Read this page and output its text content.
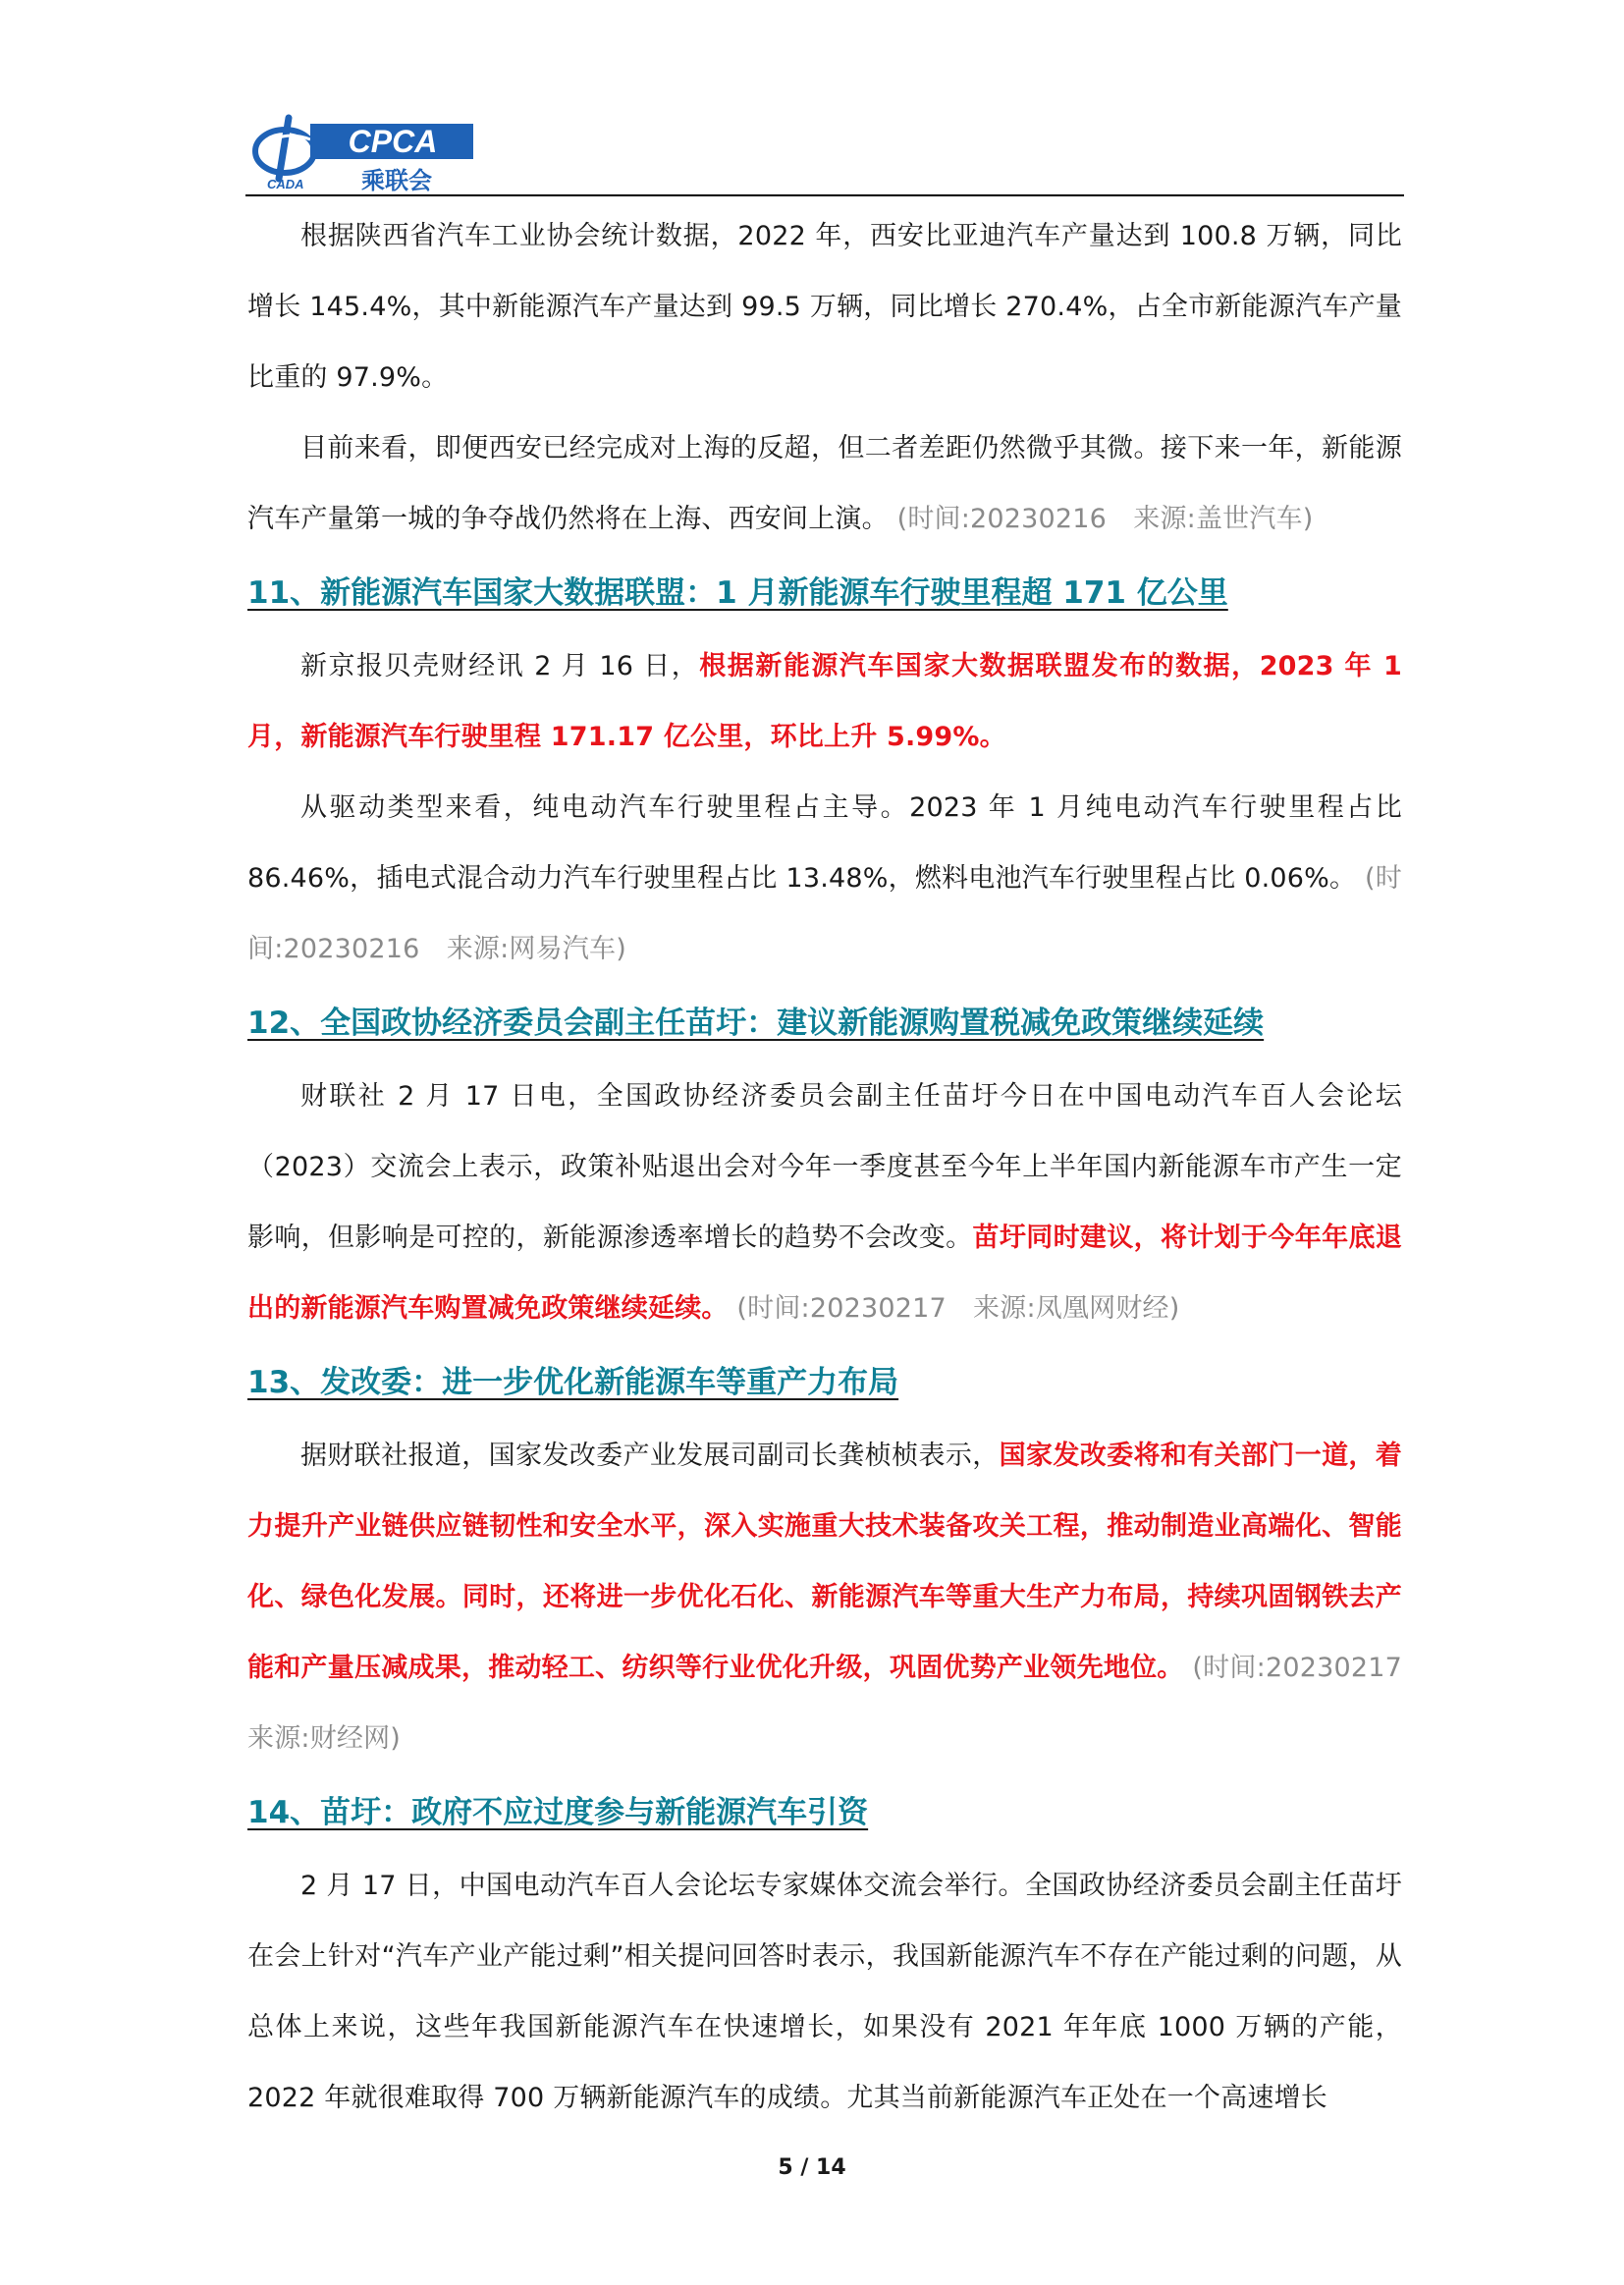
CPCA
CADA 乘联会

根据陕西省汽车工业协会统计数据，2022 年，西安比亚迪汽车产量达到 100.8 万辆，同比增长 145.4%，其中新能源汽车产量达到 99.5 万辆，同比增长 270.4%，占全市新能源汽车产量比重的 97.9%。

目前来看，即便西安已经完成对上海的反超，但二者差距仍然微乎其微。接下来一年，新能源汽车产量第一城的争夺战仍然将在上海、西安间上演。 (时间:20230216　来源:盖世汽车)

11、新能源汽车国家大数据联盟：1 月新能源车行驶里程超 171 亿公里

新京报贝壳财经讯 2 月 16 日，根据新能源汽车国家大数据联盟发布的数据，2023 年 1 月，新能源汽车行驶里程 171.17 亿公里，环比上升 5.99%。

从驱动类型来看，纯电动汽车行驶里程占主导。2023 年 1 月纯电动汽车行驶里程占比 86.46%，插电式混合动力汽车行驶里程占比 13.48%，燃料电池汽车行驶里程占比 0.06%。 (时间:20230216　来源:网易汽车)

12、全国政协经济委员会副主任苗圩：建议新能源购置税减免政策继续延续

财联社 2 月 17 日电，全国政协经济委员会副主任苗圩今日在中国电动汽车百人会论坛（2023）交流会上表示，政策补贴退出会对今年一季度甚至今年上半年国内新能源车市产生一定影响，但影响是可控的，新能源渗透率增长的趋势不会改变。苗圩同时建议，将计划于今年年底退出的新能源汽车购置减免政策继续延续。 (时间:20230217　来源:凤凰网财经)

13、发改委：进一步优化新能源车等重产力布局

据财联社报道，国家发改委产业发展司副司长龚桢桢表示，国家发改委将和有关部门一道，着力提升产业链供应链韧性和安全水平，深入实施重大技术装备攻关工程，推动制造业高端化、智能化、绿色化发展。同时，还将进一步优化石化、新能源汽车等重大生产力布局，持续巩固钢铁去产能和产量压减成果，推动轻工、纺织等行业优化升级，巩固优势产业领先地位。 (时间:20230217　来源:财经网)

14、苗圩：政府不应过度参与新能源汽车引资

2 月 17 日，中国电动汽车百人会论坛专家媒体交流会举行。全国政协经济委员会副主任苗圩在会上针对“汽车产业产能过剩”相关提问回答时表示，我国新能源汽车不存在产能过剩的问题，从总体上来说，这些年我国新能源汽车在快速增长，如果没有 2021 年年底 1000 万辆的产能，2022 年就很难取得 700 万辆新能源汽车的成绩。尤其当前新能源汽车正处在一个高速增长

5 / 14
